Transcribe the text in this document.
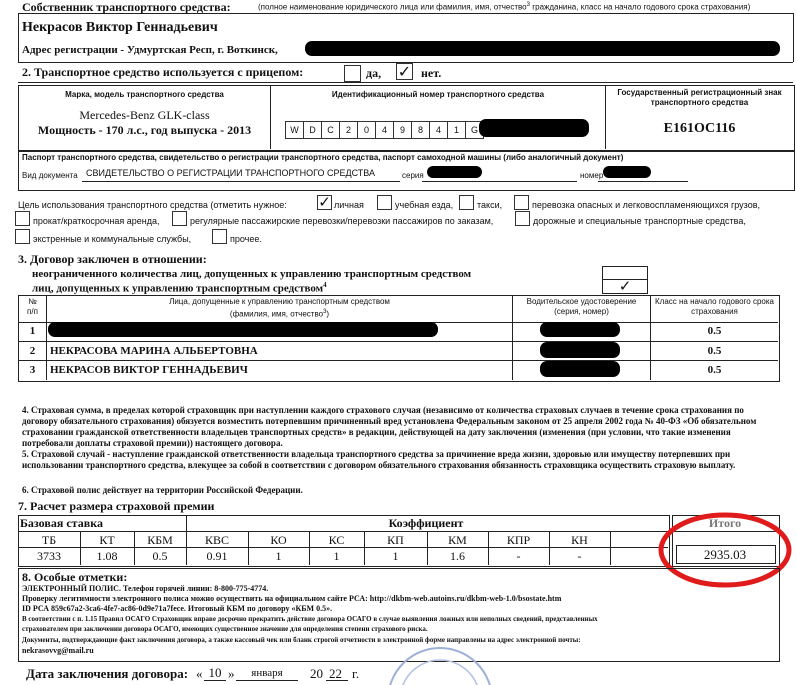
Собственник транспортного средства:	(полное наименование юридического лица или фамилия, имя, отчество$^3$ гражданина, класс на начало годового срока страхования)
Некрасов Виктор Геннадьевич
Адрес регистрации - Удмуртская Респ, г. Воткинск,
2. Транспортное средство используется с прицепом:	да, ✓ нет.
Марка, модель транспортного средства
Mercedes-Benz GLK-class
Мощность - 170 л.с., год выпуска - 2013
Идентификационный номер транспортного средства
W	D	C	2	0	4	9	8	4	1	G
Государственный регистрационный знак транспортного средства
Е161ОС116
Паспорт транспортного средства, свидетельство о регистрации транспортного средства, паспорт самоходной машины (либо аналогичный документ)
Вид документа СВИДЕТЕЛЬСТВО О РЕГИСТРАЦИИ ТРАНСПОРТНОГО СРЕДСТВА	серия	номер
Цель использования транспортного средства (отметить нужное: ✓ личная	учебная езда,	такси,	перевозка опасных и легковоспламеняющихся грузов,
прокат/краткосрочная аренда,	регулярные пассажирские перевозки/перевозки пассажиров по заказам,	дорожные и специальные транспортные средства,
экстренные и коммунальные службы,	прочее.
3. Договор заключен в отношении:
неограниченного количества лиц, допущенных к управлению транспортным средством
лиц, допущенных к управлению транспортным средством$^4$	✓
№
п/п
Лица, допущенные к управлению транспортным средством
(фамилия, имя, отчество$^3$)
Водительское удостоверение
(серия, номер)
Класс на начало годового срока
страхования
1	0.5
2	НЕКРАСОВА МАРИНА АЛЬБЕРТОВНА	0.5
3	НЕКРАСОВ ВИКТОР ГЕННАДЬЕВИЧ	0.5
4. Страховая сумма, в пределах которой страховщик при наступлении каждого страхового случая (независимо от количества страховых случаев в течение срока страхования по договору обязательного страхования) обязуется возместить потерпевшим причиненный вред установлена Федеральным законом от 25 апреля 2002 года № 40-ФЗ «Об обязательном страховании гражданской ответственности владельцев транспортных средств» в редакции, действующей на дату заключения (изменения (при условии, что такие изменения потребовали доплаты страховой премии)) настоящего договора.
5. Страховой случай - наступление гражданской ответственности владельца транспортного средства за причинение вреда жизни, здоровью или имуществу потерпевших при использовании транспортного средства, влекущее за собой в соответствии с договором обязательного страхования обязанность страховщика осуществить страховую выплату.
6. Страховой полис действует на территории Российской Федерации.
7. Расчет размера страховой премии
Базовая ставка	Коэффициент
ТБ	КТ	КБМ	КВС	КО	КС	КП	КМ	КПР	КН
3733	1.08	0.5	0.91	1	1	1	1.6	-	-
Итого
2935.03
8. Особые отметки:
ЭЛЕКТРОННЫЙ ПОЛИС. Телефон горячей линии: 8-800-775-4774.
Проверку легитимности электронного полиса можно осуществить на официальном сайте РСА: http://dkbm-web.autoins.ru/dkbm-web-1.0/bsostate.htm
ID РСА 859c67a2-3ca6-4fe7-ac86-0d9e71a7fece. Итоговый КБМ по договору «КБМ 0.5».
В соответствии с п. 1.15 Правил ОСАГО Страховщик вправе досрочно прекратить действие договора ОСАГО в случае выявления ложных или неполных сведений, представленных
страхователем при заключении договора ОСАГО, имеющих существенное значение для определения степени страхового риска.
Документы, подтверждающие факт заключения договора, а также кассовый чек или бланк строгой отчетности в электронной форме направлены на адрес электронной почты:
nekrasovvg@mail.ru
Дата заключения договора: « 10 »	января	20 22 г.
